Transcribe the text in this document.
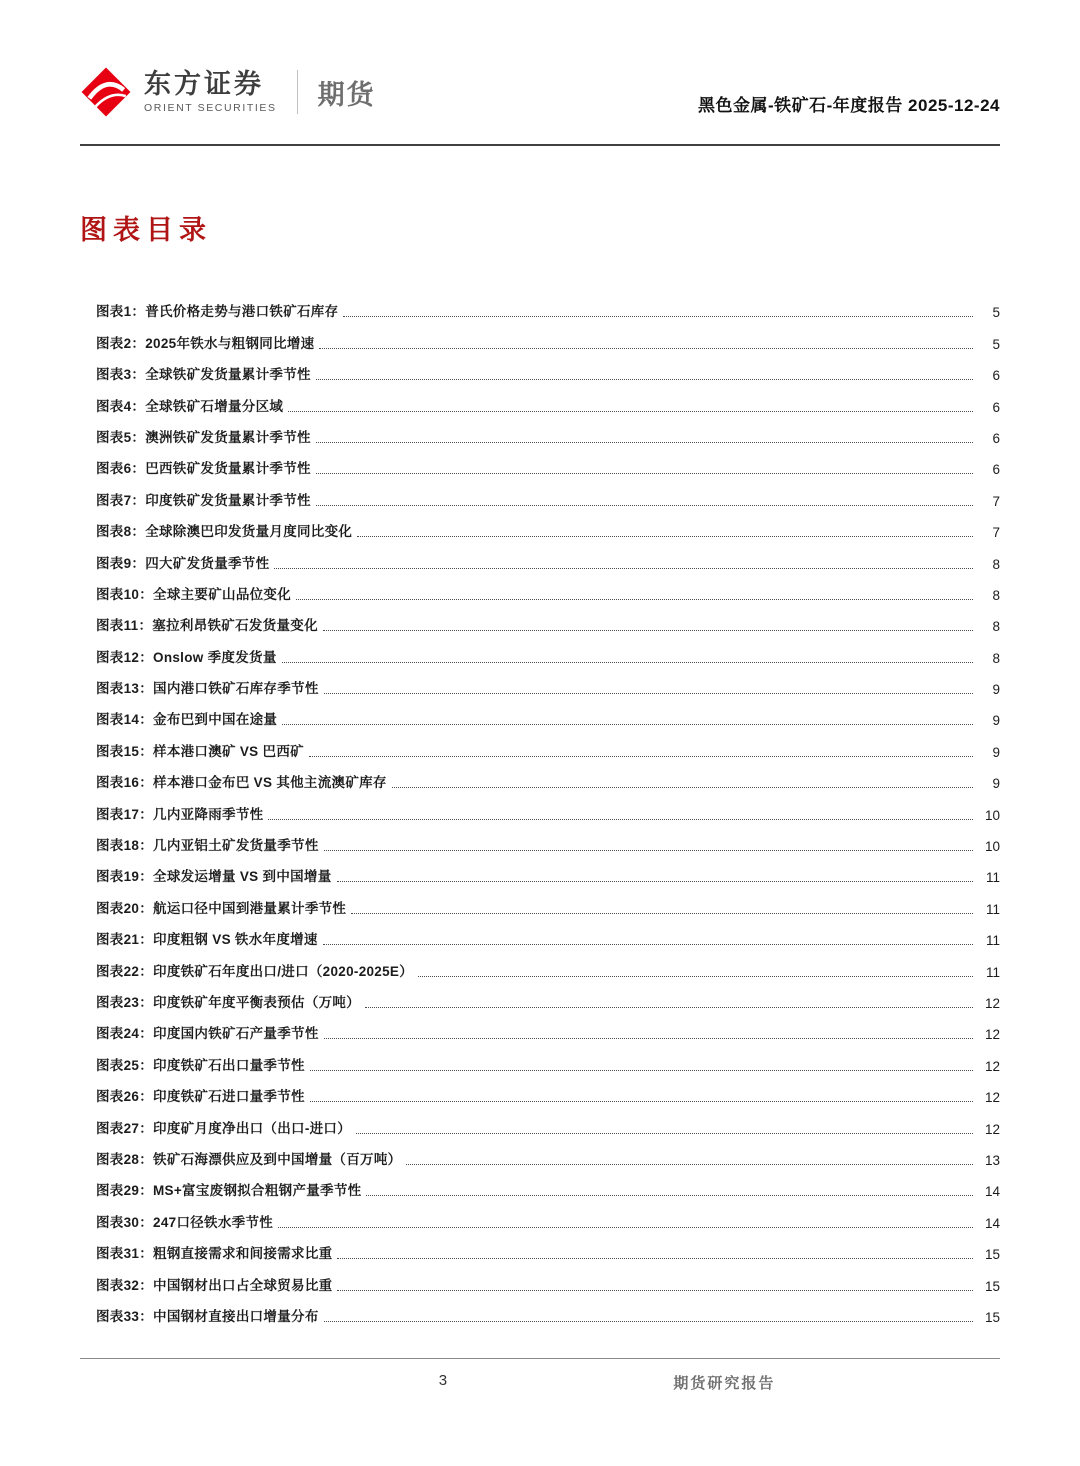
东方证券
ORIENT SECURITIES 期货	黑色金属-铁矿石-年度报告 2025-12-24
图表目录
图表1：普氏价格走势与港口铁矿石库存	5
图表2：2025年铁水与粗钢同比增速	5
图表3：全球铁矿发货量累计季节性	6
图表4：全球铁矿石增量分区域	6
图表5：澳洲铁矿发货量累计季节性	6
图表6：巴西铁矿发货量累计季节性	6
图表7：印度铁矿发货量累计季节性	7
图表8：全球除澳巴印发货量月度同比变化	7
图表9：四大矿发货量季节性	8
图表10：全球主要矿山品位变化	8
图表11：塞拉利昂铁矿石发货量变化	8
图表12：Onslow 季度发货量	8
图表13：国内港口铁矿石库存季节性	9
图表14：金布巴到中国在途量	9
图表15：样本港口澳矿 VS 巴西矿	9
图表16：样本港口金布巴 VS 其他主流澳矿库存	9
图表17：几内亚降雨季节性	10
图表18：几内亚铝土矿发货量季节性	10
图表19：全球发运增量 VS 到中国增量	11
图表20：航运口径中国到港量累计季节性	11
图表21：印度粗钢 VS 铁水年度增速	11
图表22：印度铁矿石年度出口/进口（2020-2025E）	11
图表23：印度铁矿年度平衡表预估（万吨）	12
图表24：印度国内铁矿石产量季节性	12
图表25：印度铁矿石出口量季节性	12
图表26：印度铁矿石进口量季节性	12
图表27：印度矿月度净出口（出口-进口）	12
图表28：铁矿石海漂供应及到中国增量（百万吨）	13
图表29：MS+富宝废钢拟合粗钢产量季节性	14
图表30：247口径铁水季节性	14
图表31：粗钢直接需求和间接需求比重	15
图表32：中国钢材出口占全球贸易比重	15
图表33：中国钢材直接出口增量分布	15
3	期货研究报告
